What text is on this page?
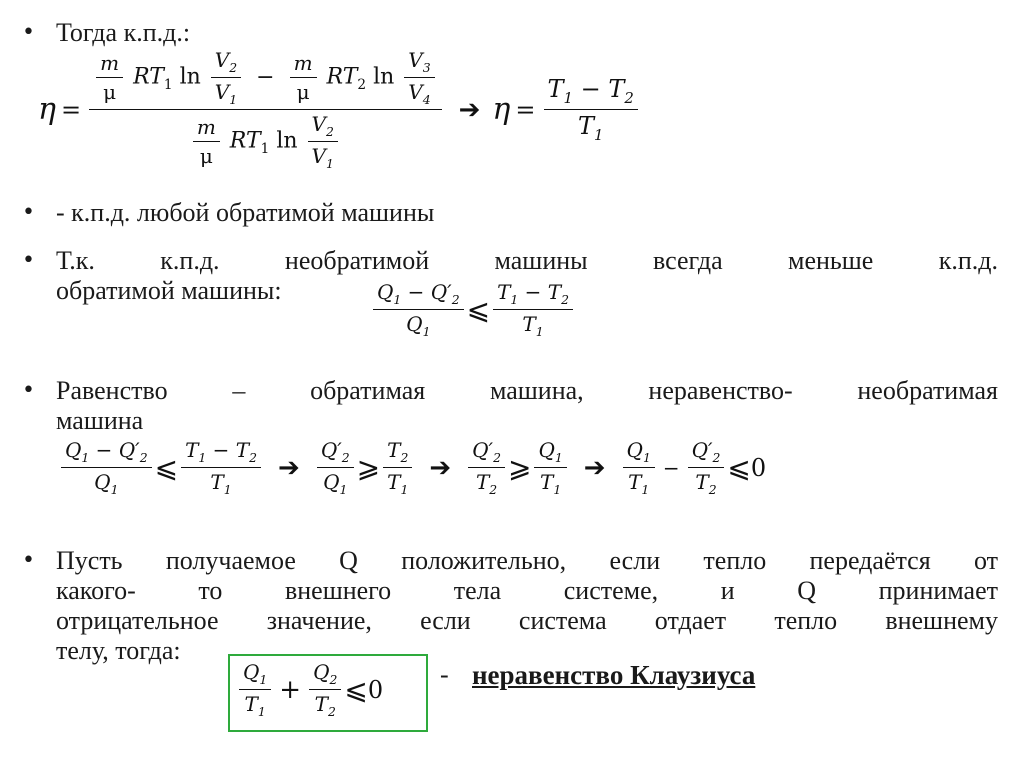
• Тогда к.п.д.:
η =
$\frac{m}{\mu} RT_1$ $\ln \frac{V_2}{V_1} - \frac{m}{\mu} RT_2$ $\ln \frac{V_3}{V_4}$
$\frac{m}{\mu} RT_1$ $\ln \frac{V_2}{V_1}$
➔ $\eta = \frac{T_1 - T_2}{T_1}$
• - к.п.д. любой обратимой машины
• Т.к. к.п.д. необратимой машины всегда меньше к.п.д.
обратимой машины:	$\frac{Q_1 - Q'_2}{Q_1}$ ⩽ $\frac{T_1 - T_2}{T_1}$
• Равенство – обратимая машина, неравенство- необратимая
машина
$\frac{Q_1 - Q'_2}{Q_1}$ ⩽ $\frac{T_1 - T_2}{T_1}$ ➔ $\frac{Q'_2}{Q_1}$ ⩾ $\frac{T_2}{T_1}$ ➔ $\frac{Q'_2}{T_2}$ ⩾ $\frac{Q_1}{T_1}$ ➔ $\frac{Q_1}{T_1} - \frac{Q'_2}{T_2}$ ⩽ 0
• Пусть получаемое Q положительно, если тепло передаётся от
какого- то внешнего тела системе, и Q принимает
отрицательное значение, если система отдает тепло внешнему
телу, тогда:
$\frac{Q_1}{T_1} + \frac{Q_2}{T_2}$ ⩽ 0
- неравенство Клаузиуса
